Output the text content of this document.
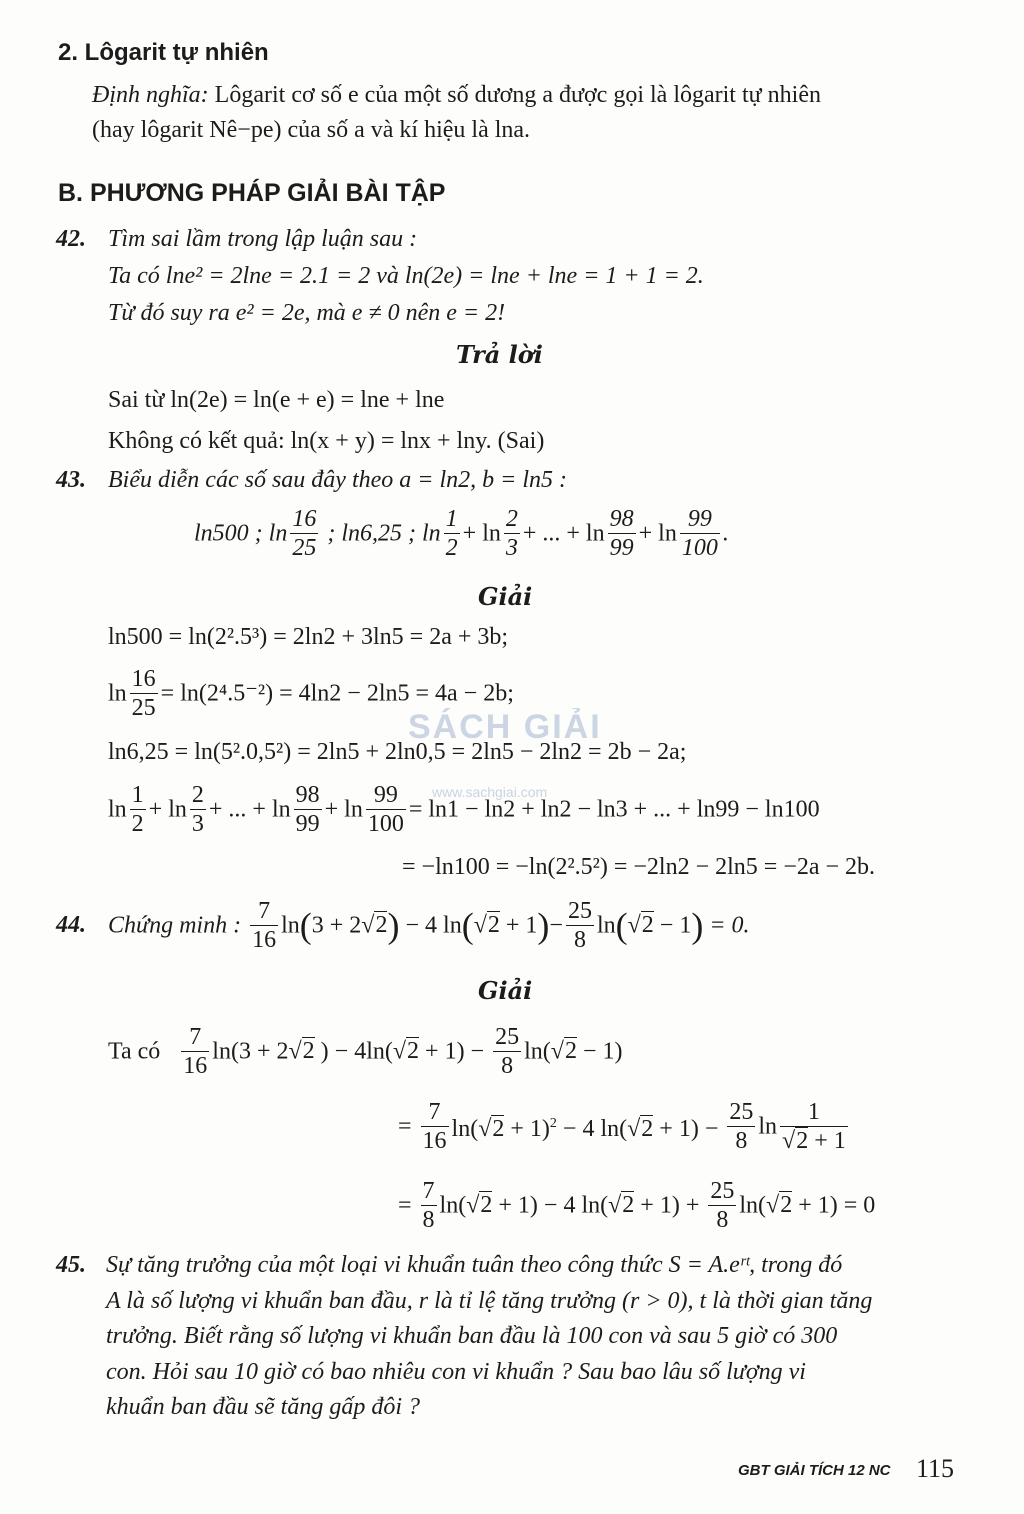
2. Lôgarit tự nhiên
Định nghĩa: Lôgarit cơ số e của một số dương a được gọi là lôgarit tự nhiên
(hay lôgarit Nê−pe) của số a và kí hiệu là lna.
B. PHƯƠNG PHÁP GIẢI BÀI TẬP
42. Tìm sai lầm trong lập luận sau :
Ta có lne² = 2lne = 2.1 = 2 và ln(2e) = lne + lne = 1 + 1 = 2.
Từ đó suy ra e² = 2e, mà e ≠ 0 nên e = 2!
Trả lời
Sai từ ln(2e) = ln(e + e) = lne + lne
Không có kết quả: ln(x + y) = lnx + lny. (Sai)
43. Biểu diễn các số sau đây theo a = ln2, b = ln5 :
ln500 ; $\ln \frac{16}{25}$ ; ln6,25 ; $\ln \frac{1}{2} + \ln \frac{2}{3}$ + ... + $\ln \frac{98}{99} + \ln \frac{99}{100}$ .
Giải
ln500 = ln(2².5³) = 2ln2 + 3ln5 = 2a + 3b;
$\ln \frac{16}{25} = \ln(2^4.5^{-2}) = 4\ln 2 - 2\ln 5 = 4a - 2b$;
ln6,25 = ln(5².0,5²) = 2ln5 + 2ln0,5 = 2ln5 − 2ln2 = 2b − 2a;
$\ln \frac{1}{2} + \ln \frac{2}{3}$ + ... + $\ln \frac{98}{99} + \ln \frac{99}{100} = \ln 1 - \ln 2 + \ln 2 - \ln 3$ + ... + ln99 − ln100
= −ln100 = −ln(2².5²) = −2ln2 − 2ln5 = −2a − 2b.
44. Chứng minh : $\frac{7}{16} \ln(3 + 2√2) - 4$ $\ln(√2 + 1)- \frac{25}{8} \ln(√2 - 1) = 0$.
Giải
Ta có $\frac{7}{16} \ln(3 + 2√2$ ) − $4\ln(√2 + 1) - \frac{25}{8} \ln(√2 - 1)$
= $\frac{7}{16} \ln(√2 + 1)^2 - 4$ $\ln(√2 + 1) - \frac{25}{8}$ $\ln \frac{1}{√2 + 1}$
= $\frac{7}{8} \ln(√2 + 1) - 4$ $\ln(√2 + 1) + \frac{25}{8} \ln(√2 + 1) = 0$
45. Sự tăng trưởng của một loại vi khuẩn tuân theo công thức S = A.eʳᵗ, trong đó
A là số lượng vi khuẩn ban đầu, r là tỉ lệ tăng trưởng (r > 0), t là thời gian tăng
trưởng. Biết rằng số lượng vi khuẩn ban đầu là 100 con và sau 5 giờ có 300
con. Hỏi sau 10 giờ có bao nhiêu con vi khuẩn ? Sau bao lâu số lượng vi
khuẩn ban đầu sẽ tăng gấp đôi ?
SÁCH GIẢI
www.sachgiai.com
GBT GIẢI TÍCH 12 NC 115
